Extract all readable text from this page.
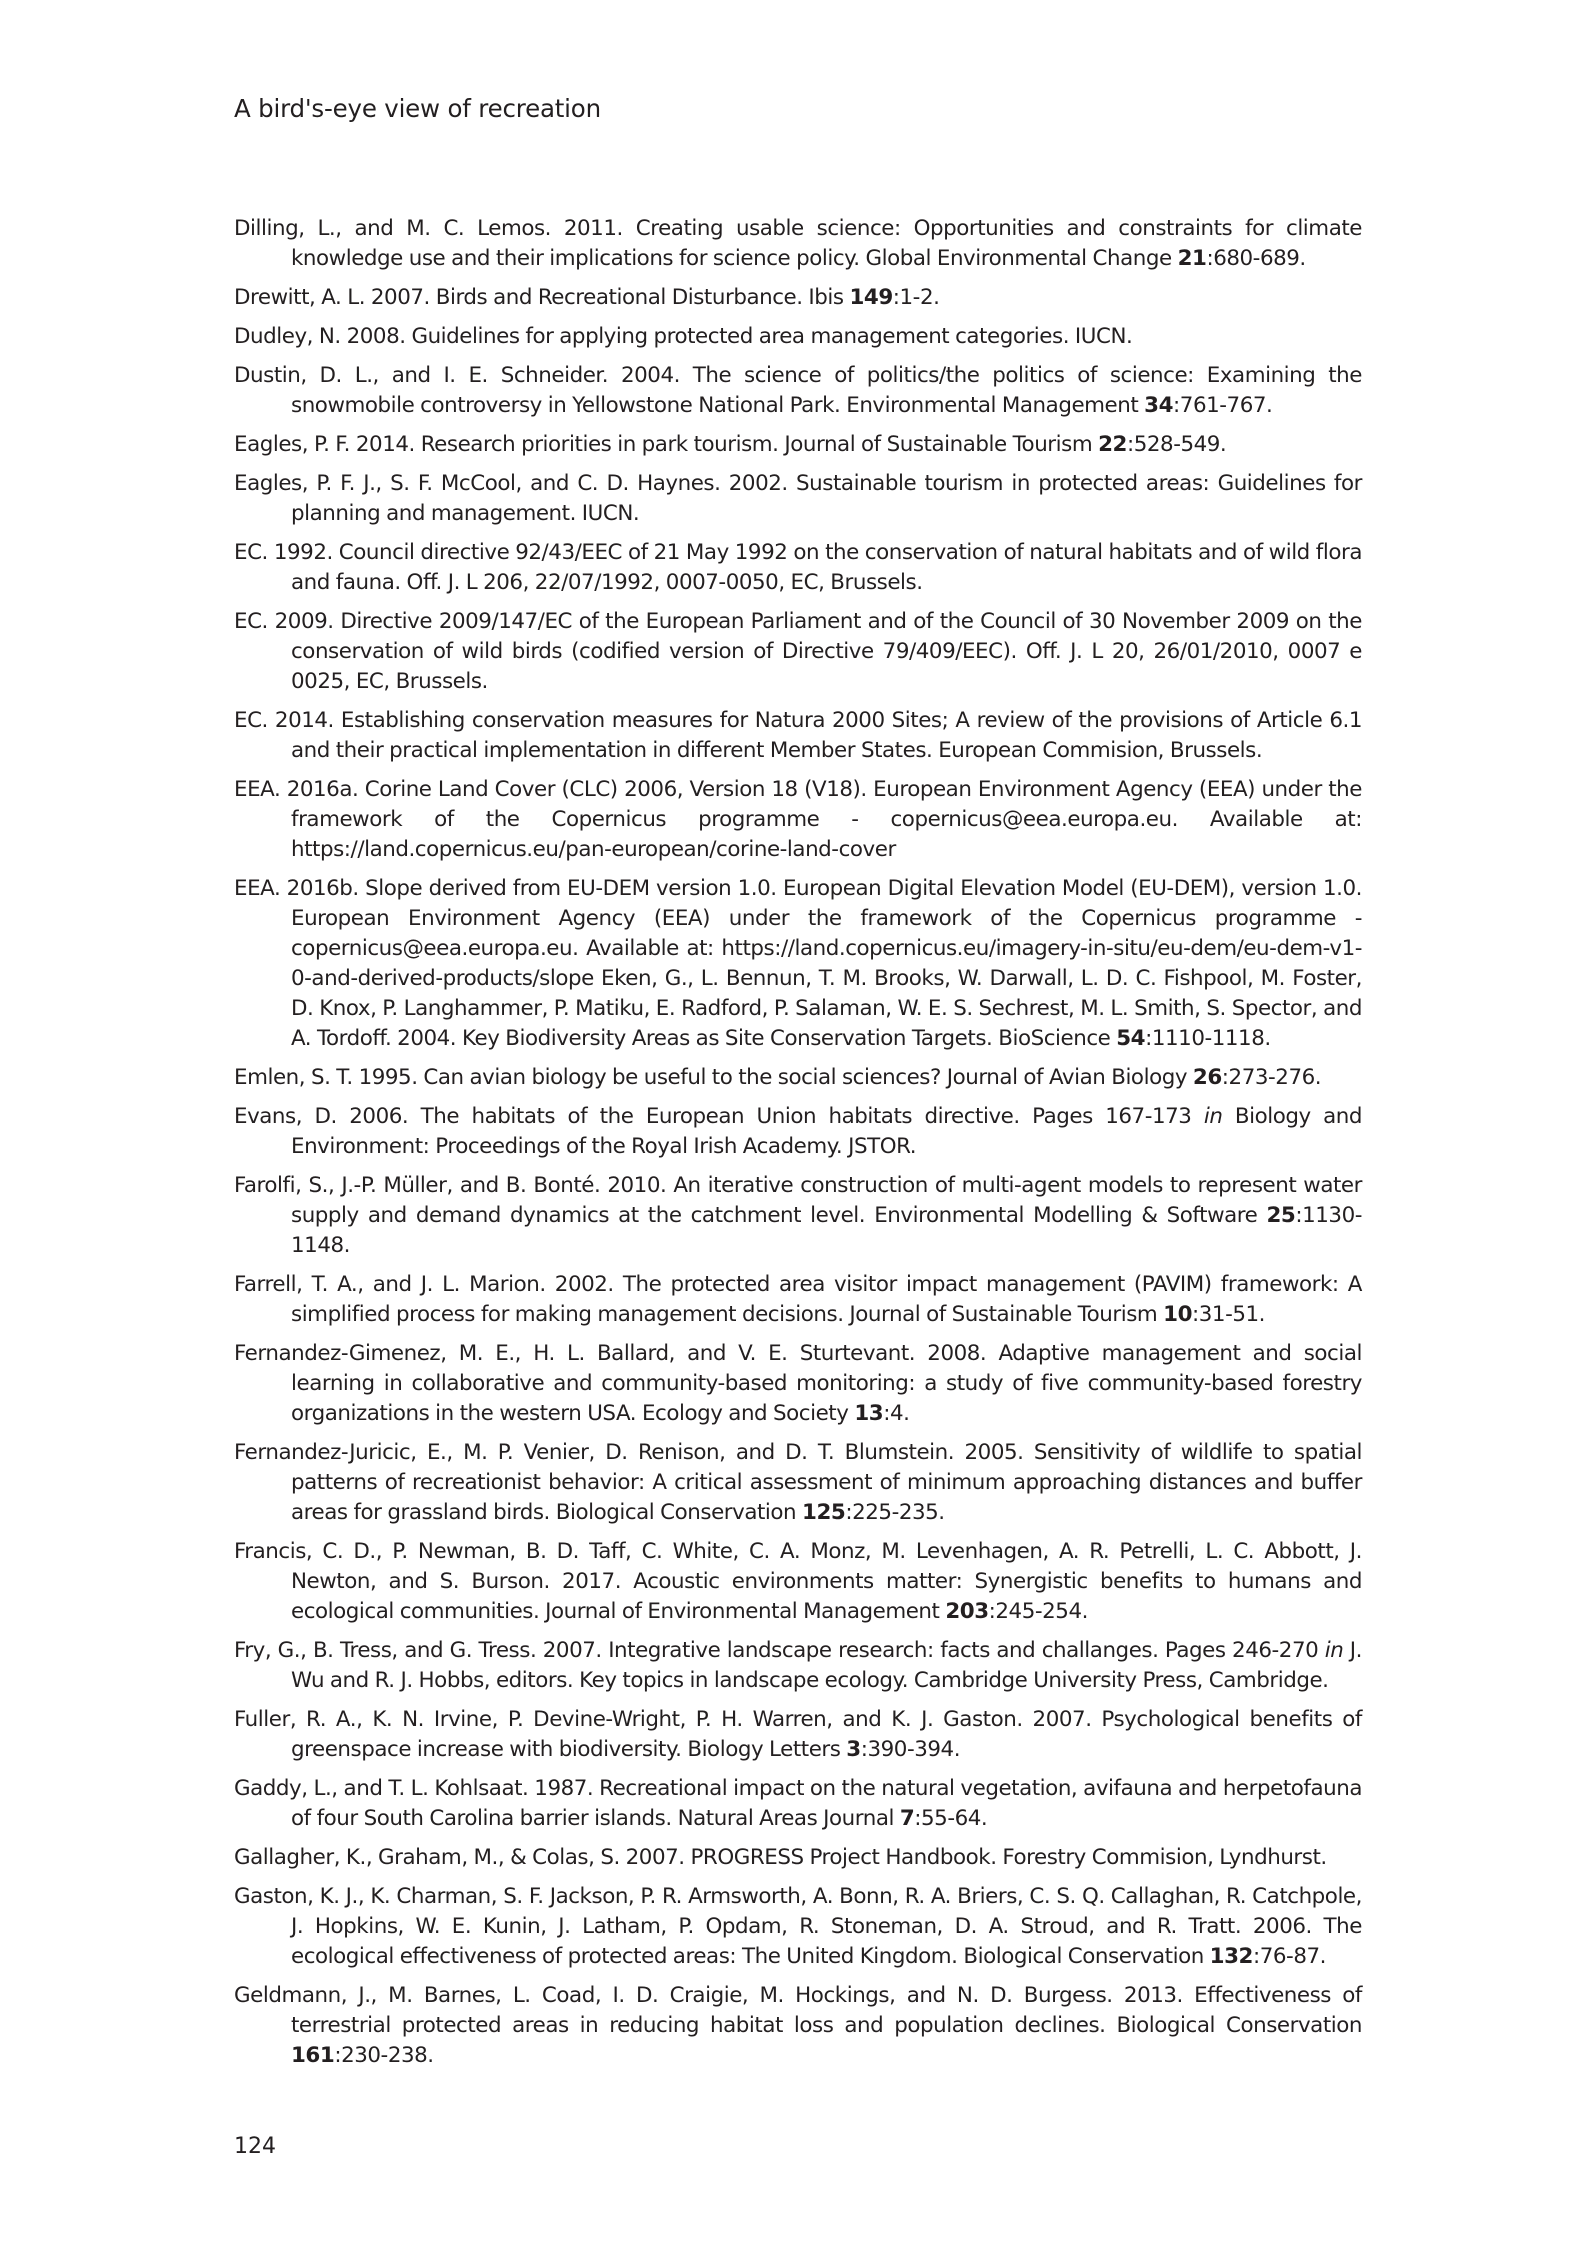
A bird's-eye view of recreation

Dilling, L., and M. C. Lemos. 2011. Creating usable science: Opportunities and constraints for climate knowledge use and their implications for science policy. Global Environmental Change 21:680-689.

Drewitt, A. L. 2007. Birds and Recreational Disturbance. Ibis 149:1-2.

Dudley, N. 2008. Guidelines for applying protected area management categories. IUCN.

Dustin, D. L., and I. E. Schneider. 2004. The science of politics/the politics of science: Examining the snowmobile controversy in Yellowstone National Park. Environmental Management 34:761-767.

Eagles, P. F. 2014. Research priorities in park tourism. Journal of Sustainable Tourism 22:528-549.

Eagles, P. F. J., S. F. McCool, and C. D. Haynes. 2002. Sustainable tourism in protected areas: Guidelines for planning and management. IUCN.

EC. 1992. Council directive 92/43/EEC of 21 May 1992 on the conservation of natural habitats and of wild flora and fauna. Off. J. L 206, 22/07/1992, 0007-0050, EC, Brussels.

EC. 2009. Directive 2009/147/EC of the European Parliament and of the Council of 30 November 2009 on the conservation of wild birds (codified version of Directive 79/409/EEC). Off. J. L 20, 26/01/2010, 0007 e 0025, EC, Brussels.

EC. 2014. Establishing conservation measures for Natura 2000 Sites; A review of the provisions of Article 6.1 and their practical implementation in different Member States. European Commision, Brussels.

EEA. 2016a. Corine Land Cover (CLC) 2006, Version 18 (V18). European Environment Agency (EEA) under the framework of the Copernicus programme - copernicus@eea.europa.eu. Available at: https://land.copernicus.eu/pan-european/corine-land-cover

EEA. 2016b. Slope derived from EU-DEM version 1.0. European Digital Elevation Model (EU-DEM), version 1.0. European Environment Agency (EEA) under the framework of the Copernicus programme - copernicus@eea.europa.eu. Available at: https://land.copernicus.eu/imagery-in-situ/eu-dem/eu-dem-v1-0-and-derived-products/slope Eken, G., L. Bennun, T. M. Brooks, W. Darwall, L. D. C. Fishpool, M. Foster, D. Knox, P. Langhammer, P. Matiku, E. Radford, P. Salaman, W. E. S. Sechrest, M. L. Smith, S. Spector, and A. Tordoff. 2004. Key Biodiversity Areas as Site Conservation Targets. BioScience 54:1110-1118.

Emlen, S. T. 1995. Can avian biology be useful to the social sciences? Journal of Avian Biology 26:273-276.

Evans, D. 2006. The habitats of the European Union habitats directive. Pages 167-173 in Biology and Environment: Proceedings of the Royal Irish Academy. JSTOR.

Farolfi, S., J.-P. Müller, and B. Bonté. 2010. An iterative construction of multi-agent models to represent water supply and demand dynamics at the catchment level. Environmental Modelling & Software 25:1130-1148.

Farrell, T. A., and J. L. Marion. 2002. The protected area visitor impact management (PAVIM) framework: A simplified process for making management decisions. Journal of Sustainable Tourism 10:31-51.

Fernandez-Gimenez, M. E., H. L. Ballard, and V. E. Sturtevant. 2008. Adaptive management and social learning in collaborative and community-based monitoring: a study of five community-based forestry organizations in the western USA. Ecology and Society 13:4.

Fernandez-Juricic, E., M. P. Venier, D. Renison, and D. T. Blumstein. 2005. Sensitivity of wildlife to spatial patterns of recreationist behavior: A critical assessment of minimum approaching distances and buffer areas for grassland birds. Biological Conservation 125:225-235.

Francis, C. D., P. Newman, B. D. Taff, C. White, C. A. Monz, M. Levenhagen, A. R. Petrelli, L. C. Abbott, J. Newton, and S. Burson. 2017. Acoustic environments matter: Synergistic benefits to humans and ecological communities. Journal of Environmental Management 203:245-254.

Fry, G., B. Tress, and G. Tress. 2007. Integrative landscape research: facts and challanges. Pages 246-270 in J. Wu and R. J. Hobbs, editors. Key topics in landscape ecology. Cambridge University Press, Cambridge.

Fuller, R. A., K. N. Irvine, P. Devine-Wright, P. H. Warren, and K. J. Gaston. 2007. Psychological benefits of greenspace increase with biodiversity. Biology Letters 3:390-394.

Gaddy, L., and T. L. Kohlsaat. 1987. Recreational impact on the natural vegetation, avifauna and herpetofauna of four South Carolina barrier islands. Natural Areas Journal 7:55-64.

Gallagher, K., Graham, M., & Colas, S. 2007. PROGRESS Project Handbook. Forestry Commision, Lyndhurst.

Gaston, K. J., K. Charman, S. F. Jackson, P. R. Armsworth, A. Bonn, R. A. Briers, C. S. Q. Callaghan, R. Catchpole, J. Hopkins, W. E. Kunin, J. Latham, P. Opdam, R. Stoneman, D. A. Stroud, and R. Tratt. 2006. The ecological effectiveness of protected areas: The United Kingdom. Biological Conservation 132:76-87.

Geldmann, J., M. Barnes, L. Coad, I. D. Craigie, M. Hockings, and N. D. Burgess. 2013. Effectiveness of terrestrial protected areas in reducing habitat loss and population declines. Biological Conservation 161:230-238.

124
